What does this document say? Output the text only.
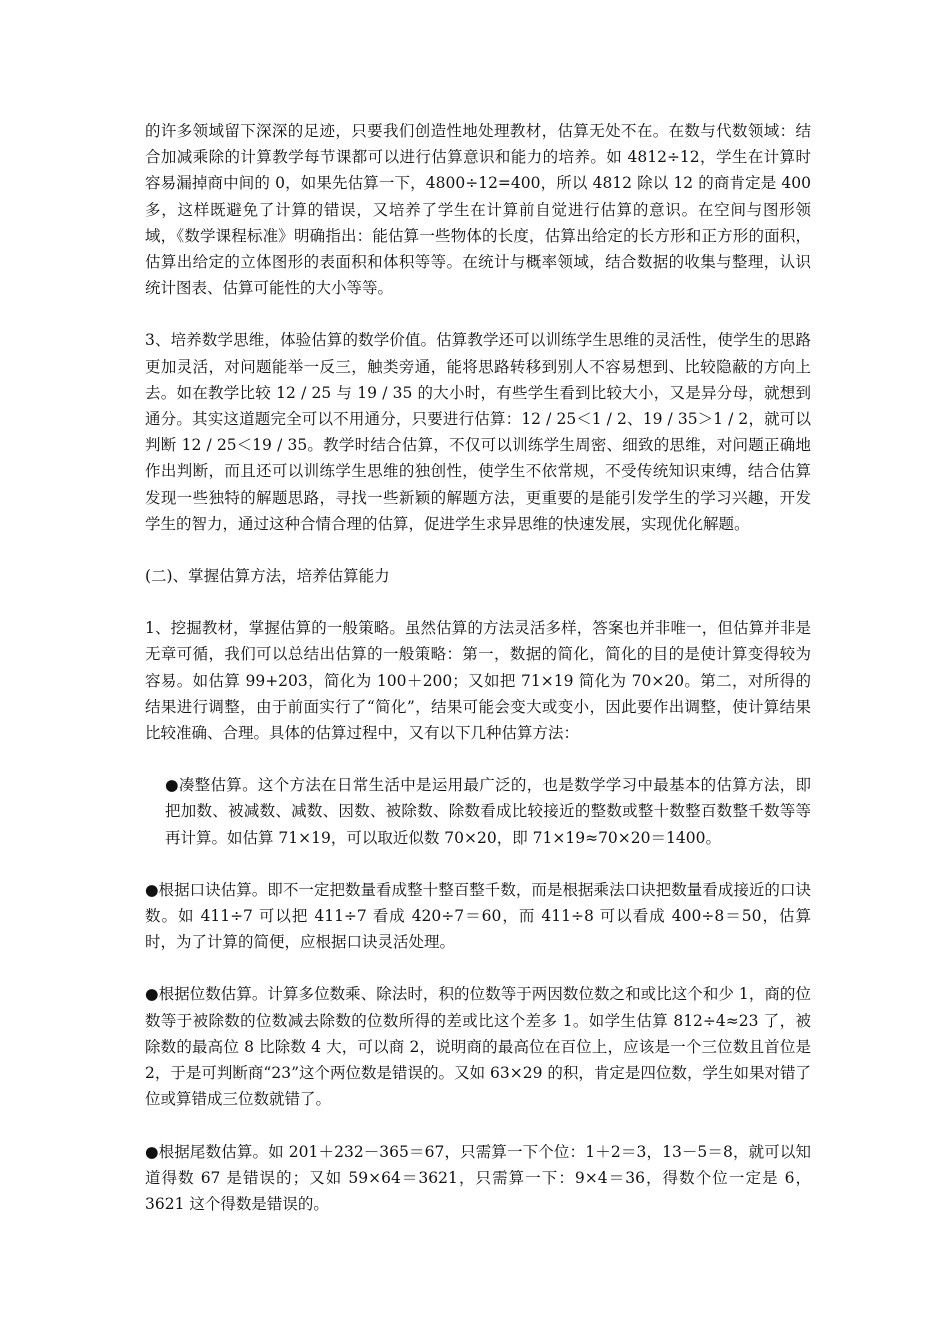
的许多领域留下深深的足迹，只要我们创造性地处理教材，估算无处不在。在数与代数领域：结合加减乘除的计算教学每节课都可以进行估算意识和能力的培养。如 4812÷12，学生在计算时容易漏掉商中间的 0，如果先估算一下，4800÷12=400，所以 4812 除以 12 的商肯定是 400 多，这样既避免了计算的错误，又培养了学生在计算前自觉进行估算的意识。在空间与图形领域，《数学课程标准》明确指出：能估算一些物体的长度，估算出给定的长方形和正方形的面积，估算出给定的立体图形的表面积和体积等等。在统计与概率领域，结合数据的收集与整理，认识统计图表、估算可能性的大小等等。

3、培养数学思维，体验估算的数学价值。估算教学还可以训练学生思维的灵活性，使学生的思路更加灵活，对问题能举一反三，触类旁通，能将思路转移到别人不容易想到、比较隐蔽的方向上去。如在教学比较 12 / 25 与 19 / 35 的大小时，有些学生看到比较大小，又是异分母，就想到通分。其实这道题完全可以不用通分，只要进行估算：12 / 25＜1 / 2、19 / 35＞1 / 2，就可以判断 12 / 25＜19 / 35。教学时结合估算，不仅可以训练学生周密、细致的思维，对问题正确地作出判断，而且还可以训练学生思维的独创性，使学生不依常规，不受传统知识束缚，结合估算发现一些独特的解题思路，寻找一些新颖的解题方法，更重要的是能引发学生的学习兴趣，开发学生的智力，通过这种合情合理的估算，促进学生求异思维的快速发展，实现优化解题。

(二)、掌握估算方法，培养估算能力

1、挖掘教材，掌握估算的一般策略。虽然估算的方法灵活多样，答案也并非唯一，但估算并非是无章可循，我们可以总结出估算的一般策略：第一，数据的简化，简化的目的是使计算变得较为容易。如估算 99+203，简化为 100＋200；又如把 71×19 简化为 70×20。第二，对所得的结果进行调整，由于前面实行了“简化”，结果可能会变大或变小，因此要作出调整，使计算结果比较准确、合理。具体的估算过程中，又有以下几种估算方法：

●凑整估算。这个方法在日常生活中是运用最广泛的，也是数学学习中最基本的估算方法，即把加数、被减数、减数、因数、被除数、除数看成比较接近的整数或整十数整百数整千数等等再计算。如估算 71×19，可以取近似数 70×20，即 71×19≈70×20＝1400。

●根据口诀估算。即不一定把数量看成整十整百整千数，而是根据乘法口诀把数量看成接近的口诀数。如 411÷7 可以把 411÷7 看成 420÷7＝60，而 411÷8 可以看成 400÷8＝50，估算时，为了计算的简便，应根据口诀灵活处理。

●根据位数估算。计算多位数乘、除法时，积的位数等于两因数位数之和或比这个和少 1，商的位数等于被除数的位数减去除数的位数所得的差或比这个差多 1。如学生估算 812÷4≈23 了，被除数的最高位 8 比除数 4 大，可以商 2，说明商的最高位在百位上，应该是一个三位数且首位是 2，于是可判断商“23”这个两位数是错误的。又如 63×29 的积，肯定是四位数，学生如果对错了位或算错成三位数就错了。

●根据尾数估算。如 201＋232－365＝67，只需算一下个位：1＋2＝3，13－5＝8，就可以知道得数 67 是错误的；又如 59×64＝3621，只需算一下：9×4＝36，得数个位一定是 6，3621 这个得数是错误的。
